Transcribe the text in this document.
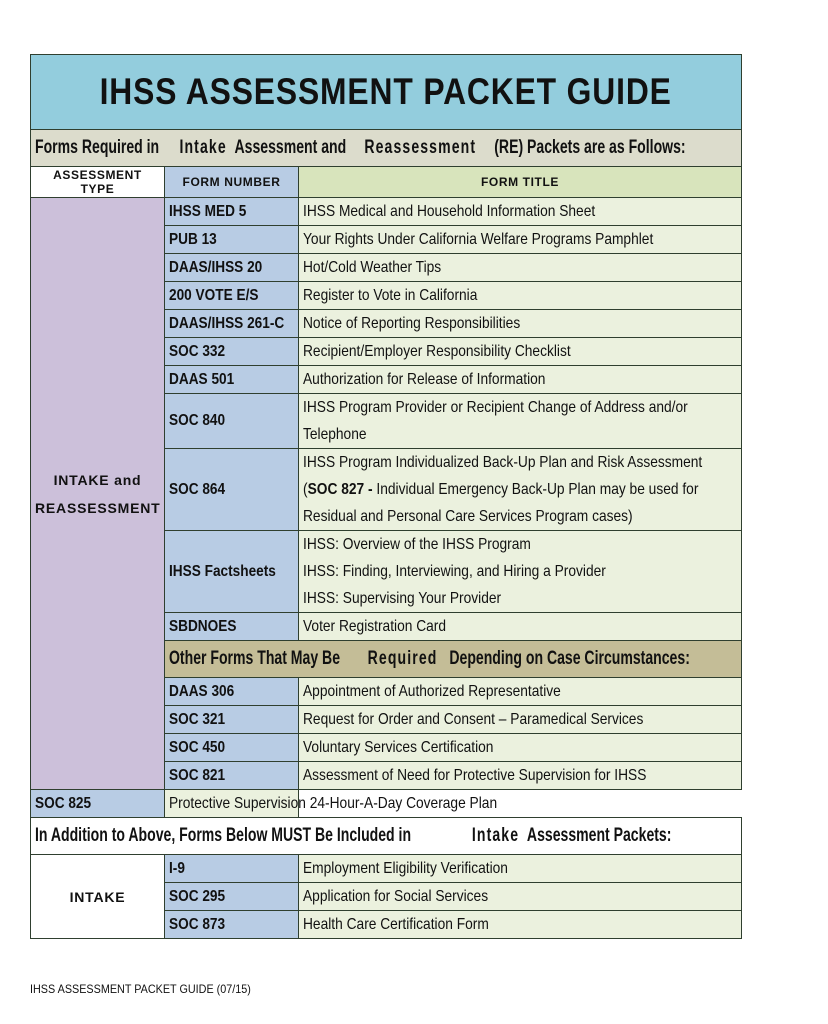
IHSS ASSESSMENT PACKET GUIDE		
Forms Required inIntakeAssessment andReassessment(RE) Packets are as Follows:		
ASSESSMENT TYPE	FORM NUMBER	FORM TITLE

INTAKE and
REASSESSMENT	IHSS MED 5	IHSS Medical and Household Information Sheet
	PUB 13	Your Rights Under California Welfare Programs Pamphlet
	DAAS/IHSS 20	Hot/Cold Weather Tips
	200 VOTE E/S	Register to Vote in California
	DAAS/IHSS 261-C	Notice of Reporting Responsibilities
	SOC 332	Recipient/Employer Responsibility Checklist
	DAAS 501	Authorization for Release of Information
	SOC 840	IHSS Program Provider or Recipient Change of Address and/or Telephone
	SOC 864	IHSS Program Individualized Back-Up Plan and Risk Assessment (SOC 827 - Individual Emergency Back-Up Plan may be used for Residual and Personal Care Services Program cases)
	IHSS Factsheets	IHSS: Overview of the IHSS Program IHSS: Finding, Interviewing, and Hiring a Provider IHSS: Supervising Your Provider
	SBDNOES	Voter Registration Card
	Other Forms That May BeRequiredDepending on Case Circumstances:	
	DAAS 306	Appointment of Authorized Representative
	SOC 321	Request for Order and Consent – Paramedical Services
	SOC 450	Voluntary Services Certification
	SOC 821	Assessment of Need for Protective Supervision for IHSS
SOC 825	Protective Supervision 24-Hour-A-Day Coverage Plan	
In Addition to Above, Forms Below MUST Be Included in IntakeAssessment Packets:		
INTAKE	I-9	Employment Eligibility Verification
	SOC 295	Application for Social Services
	SOC 873	Health Care Certification Form
IHSS ASSESSMENT PACKET GUIDE (07/15)
